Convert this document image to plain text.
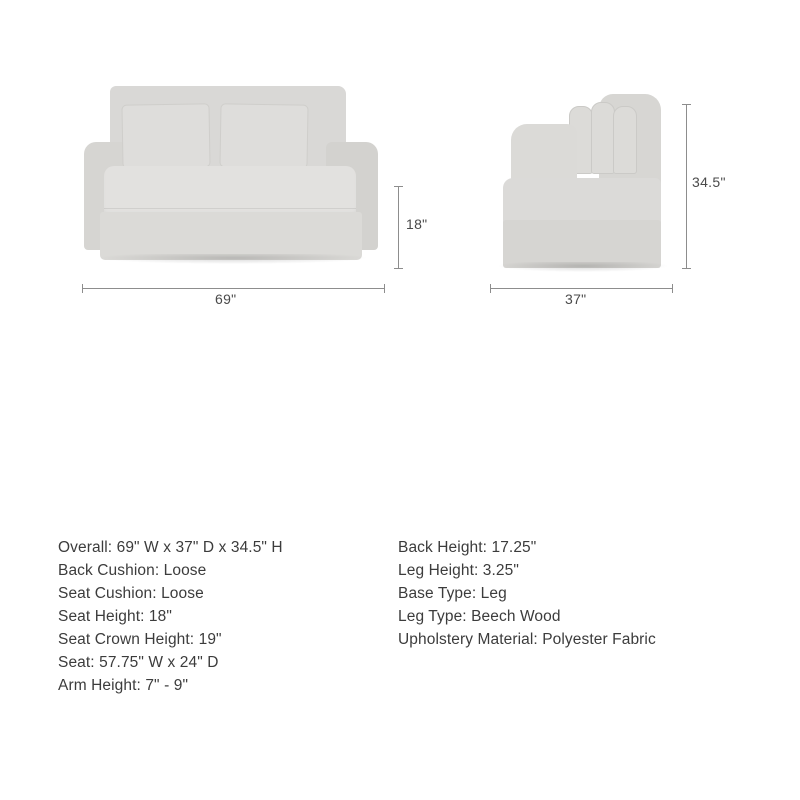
18"
69"
34.5"
37"
Overall: 69" W x 37" D x 34.5" H
Back Cushion: Loose
Seat Cushion: Loose
Seat Height: 18"
Seat Crown Height: 19"
Seat: 57.75" W x 24" D
Arm Height: 7" - 9"
Back Height: 17.25"
Leg Height: 3.25"
Base Type: Leg
Leg Type: Beech Wood
Upholstery Material: Polyester Fabric
